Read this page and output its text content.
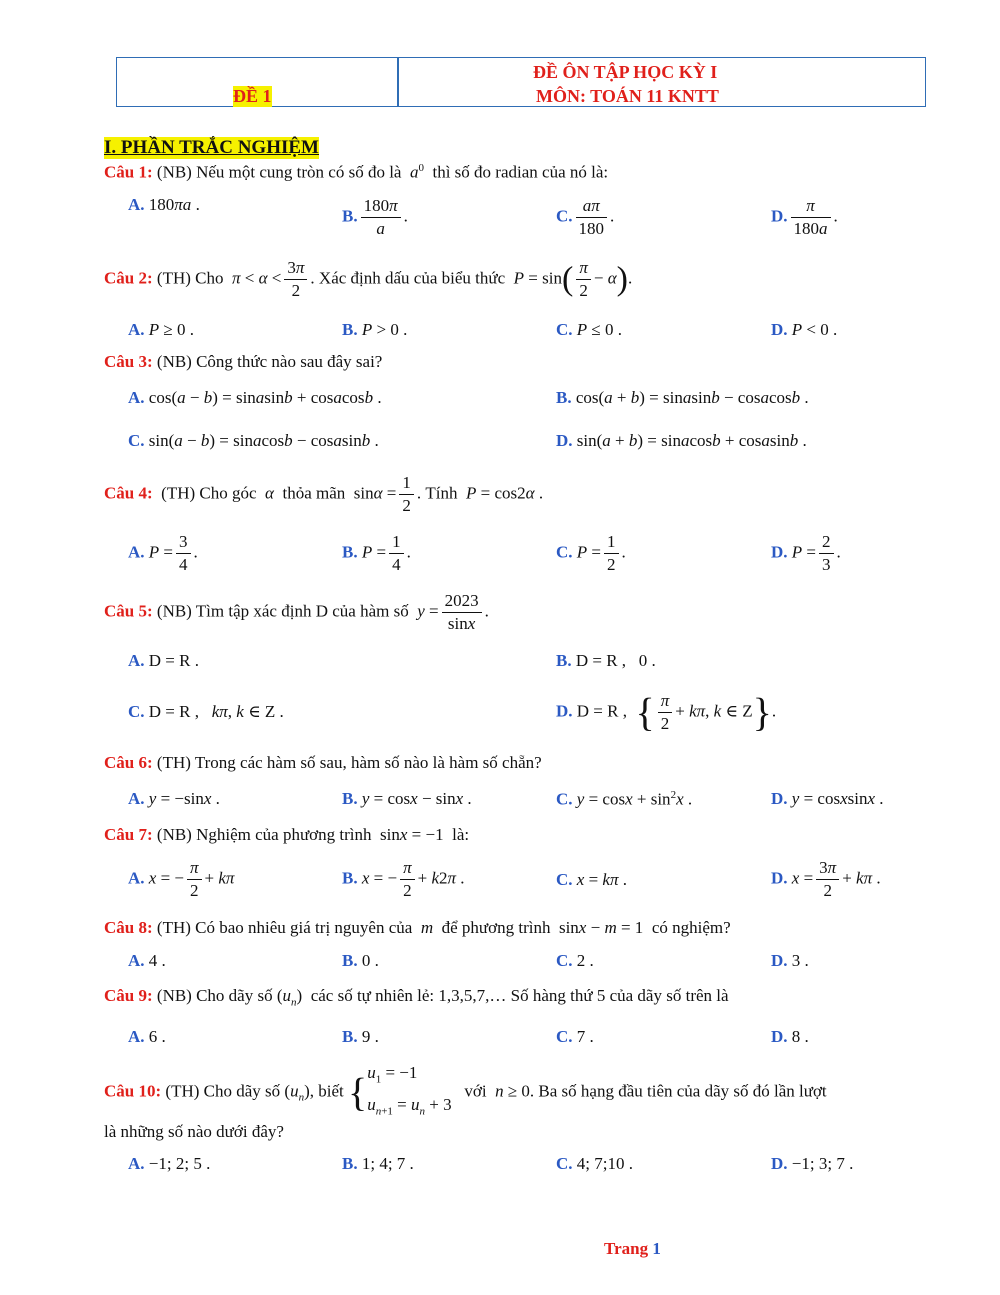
ĐỀ 1
ĐỀ ÔN TẬP HỌC KỲ I
MÔN: TOÁN 11 KNTT
I. PHẦN TRẮC NGHIỆM
Câu 1: (NB) Nếu một cung tròn có số đo là $a^0$ thì số đo radian của nó là:
A. 180πa .
B. $\frac{180\pi}{a}$ .	C. $\frac{a\pi}{180}$ .	D. $\frac{\pi}{180a}$ .
Câu 2: (TH) Cho $\pi < \alpha < \frac{3\pi}{2}$ . Xác định dấu của biểu thức $P = \sin( \frac{\pi}{2} - \alpha)$.
A. P ≥ 0 .	B. P > 0 .	C. P ≤ 0 .	D. P < 0 .
Câu 3: (NB) Công thức nào sau đây sai?
A. cos(a − b) = sinasinb + cosacosb .	B. cos(a + b) = sinasinb − cosacosb .
C. sin(a − b) = sinacosb − cosasinb .	D. sin(a + b) = sinacosb + cosasinb .
Câu 4: (TH) Cho góc α thỏa mãn  $\sin\alpha = \frac{1}{2}$ . Tính P = cos2α .
A. $P = \frac{3}{4}$ .	B. $P = \frac{1}{4}$ .	C. $P = \frac{1}{2}$ .	D. $P = \frac{2}{3}$ .
Câu 5: (NB) Tìm tập xác định D của hàm số $y = \frac{2023}{\sin x}$ .
A. D = R .	B. D = R ,   0 .
C. D = R ,   kπ, k ∈ Z .	D. D = R ,  { $\frac{\pi}{2} + k\pi$, k ∈ Z}.
Câu 6: (TH) Trong các hàm số sau, hàm số nào là hàm số chẵn?
A. y = −sinx .	B. y = cosx − sinx .	C. $y = \cos x + \sin^2x$ .	D. y = cosxsinx .
Câu 7: (NB) Nghiệm của phương trình  sinx = −1  là:
A. x = − $\frac{\pi}{2} + k\pi$	B. x = − $\frac{\pi}{2} + k2\pi$ .	C. x = kπ .	D. $x = \frac{3\pi}{2} + k\pi$ .
Câu 8: (TH) Có bao nhiêu giá trị nguyên của m để phương trình  sinx − m = 1  có nghiệm?
A. 4 .	B. 0 .	C. 2 .	D. 3 .
Câu 9: (NB) Cho dãy số $(u_n)$  các số tự nhiên lẻ: 1,3,5,7,… Số hàng thứ 5 của dãy số trên là
A. 6 .	B. 9 .	C. 7 .	D. 8 .
Câu 10: (TH) Cho dãy số $(u_n)$, biết { $u_1 = -1$
$u_{n+1} = u_n + 3$
với n ≥ 0. Ba số hạng đầu tiên của dãy số đó lần lượt
là những số nào dưới đây?
A. −1; 2; 5 .	B. 1; 4; 7 .	C. 4; 7;10 .	D. −1; 3; 7 .
Trang 1
